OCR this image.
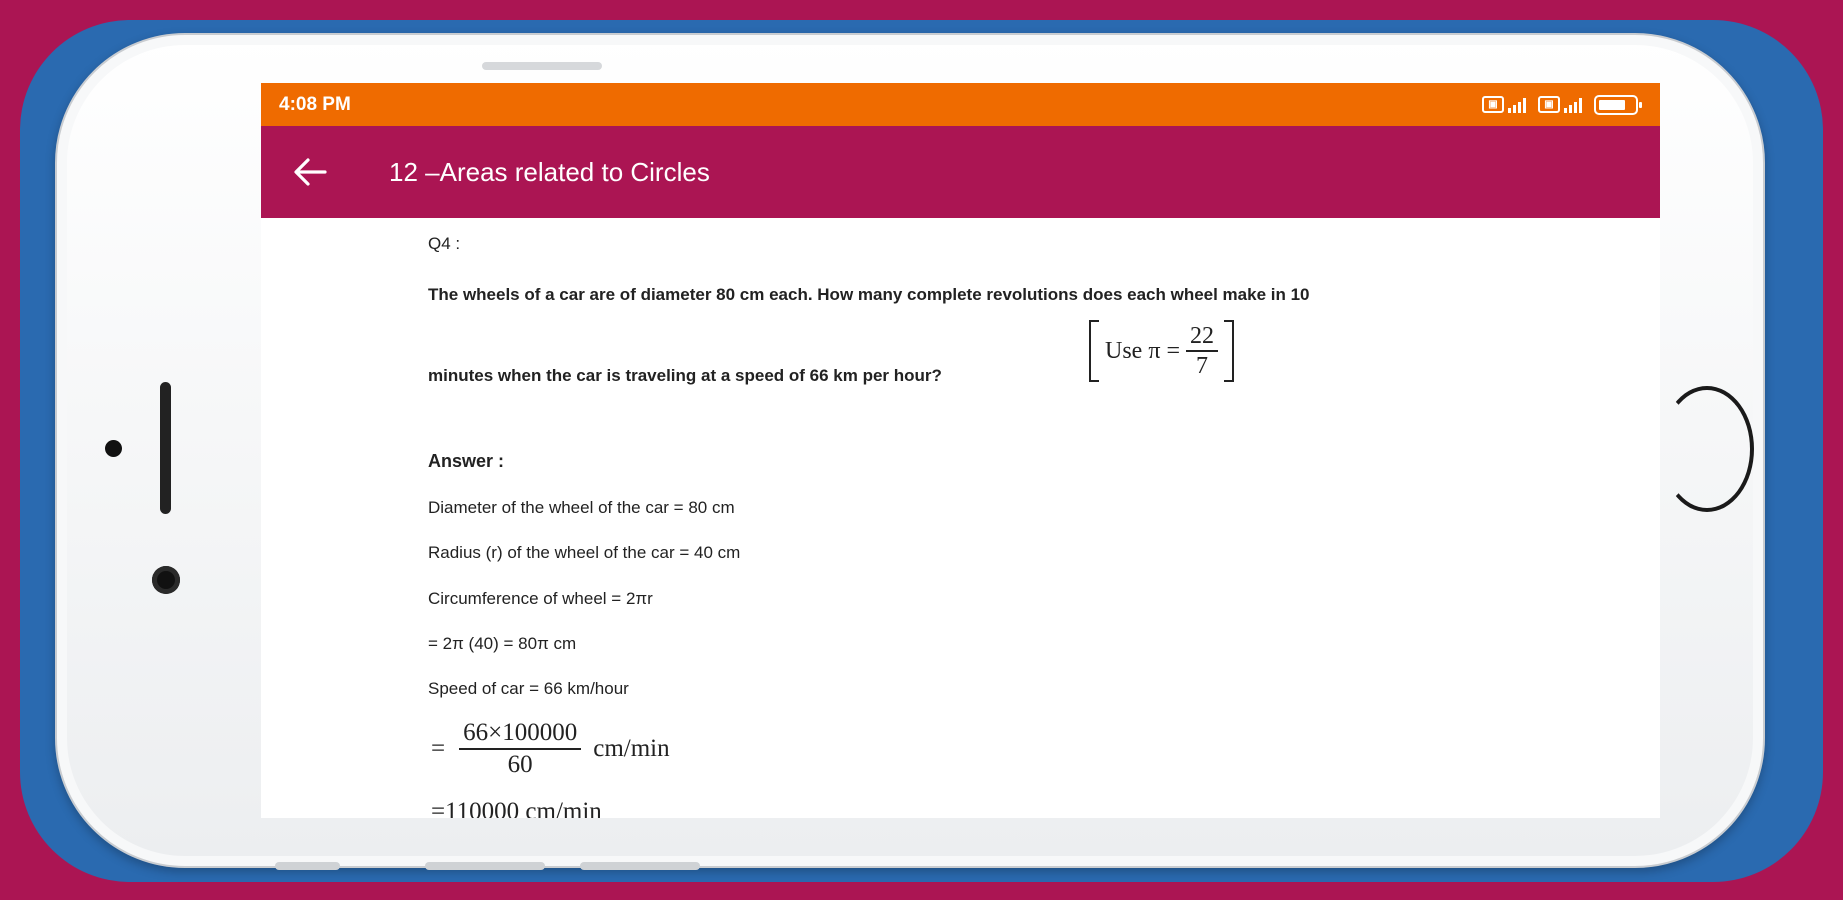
4:08 PM	▣	▣
12 –Areas related to Circles
Q4 :
The wheels of a car are of diameter 80 cm each. How many complete revolutions does each wheel make in 10
minutes when the car is traveling at a speed of 66 km per hour?
Use $\pi = \frac{22}{7}$
Answer :
Diameter of the wheel of the car = 80 cm
Radius (r) of the wheel of the car = 40 cm
Circumference of wheel = 2πr
= 2π (40) = 80π cm
Speed of car = 66 km/hour
= $\frac{66\times 100000}{60} cm/\min$
=110000 cm/min
